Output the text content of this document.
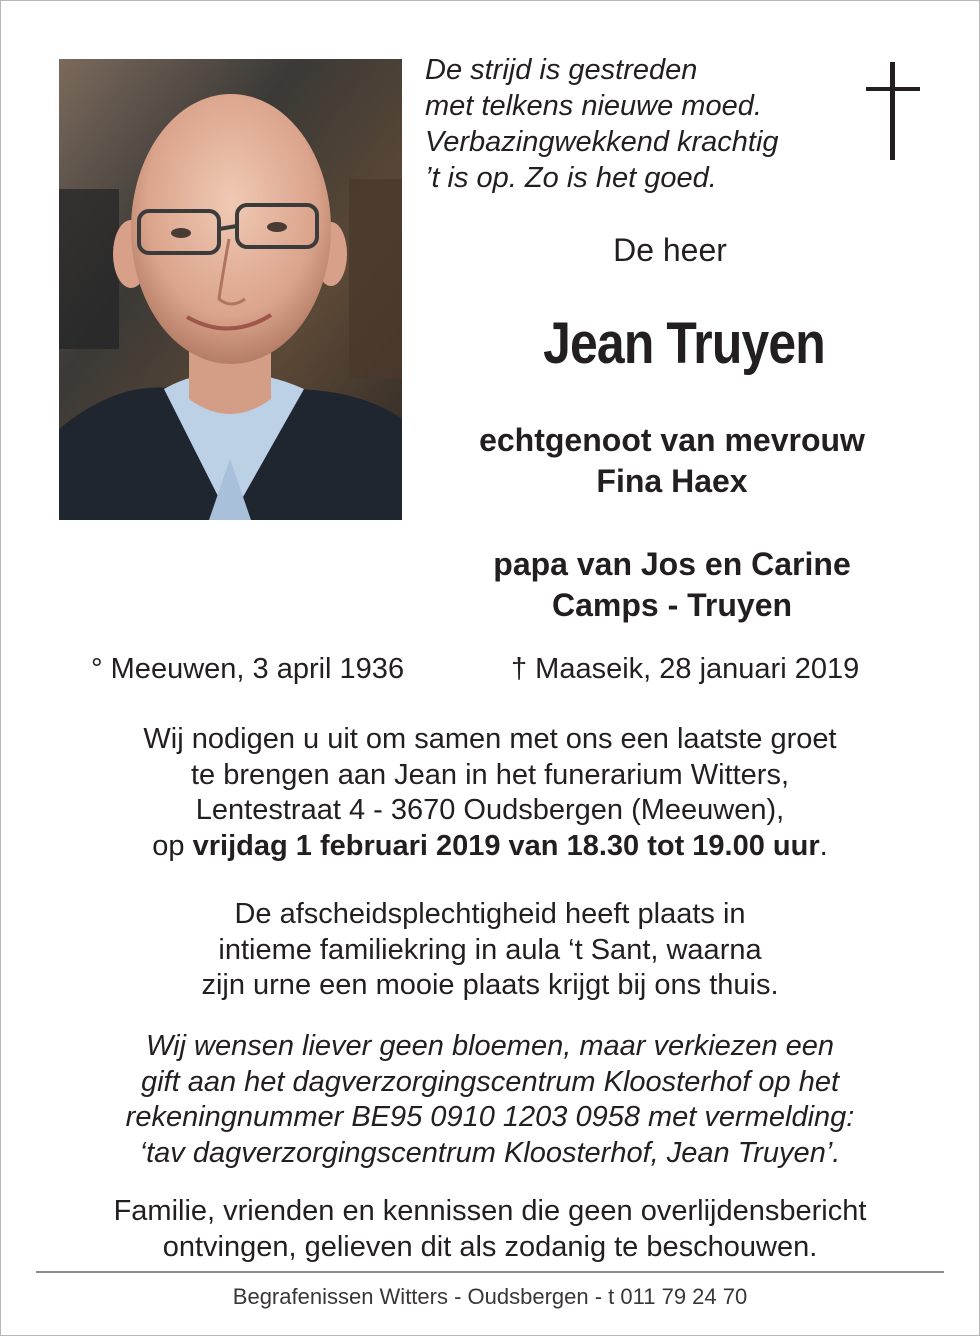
De strijd is gestreden
met telkens nieuwe moed.
Verbazingwekkend krachtig
’t is op. Zo is het goed.
De heer
Jean Truyen
echtgenoot van mevrouw
Fina Haex
papa van Jos en Carine
Camps - Truyen
° Meeuwen, 3 april 1936	† Maaseik, 28 januari 2019
Wij nodigen u uit om samen met ons een laatste groet
te brengen aan Jean in het funerarium Witters,
Lentestraat 4 - 3670 Oudsbergen (Meeuwen),
op vrijdag 1 februari 2019 van 18.30 tot 19.00 uur.
De afscheidsplechtigheid heeft plaats in
intieme familiekring in aula ‘t Sant, waarna
zijn urne een mooie plaats krijgt bij ons thuis.
Wij wensen liever geen bloemen, maar verkiezen een
gift aan het dagverzorgingscentrum Kloosterhof op het
rekeningnummer BE95 0910 1203 0958 met vermelding:
‘tav dagverzorgingscentrum Kloosterhof, Jean Truyen’.
Familie, vrienden en kennissen die geen overlijdensbericht
ontvingen, gelieven dit als zodanig te beschouwen.
Begrafenissen Witters - Oudsbergen - t 011 79 24 70
